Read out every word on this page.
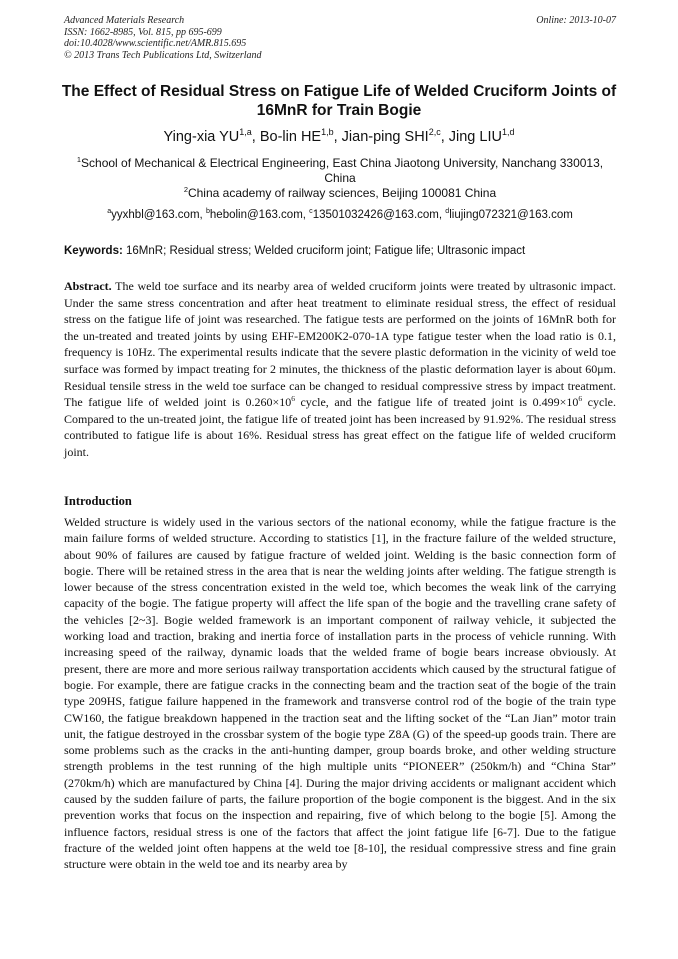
Advanced Materials Research
ISSN: 1662-8985, Vol. 815, pp 695-699
doi:10.4028/www.scientific.net/AMR.815.695
© 2013 Trans Tech Publications Ltd, Switzerland
Online: 2013-10-07
The Effect of Residual Stress on Fatigue Life of Welded Cruciform Joints of 16MnR for Train Bogie
Ying-xia YU$^{1,a}$, Bo-lin HE$^{1,b}$, Jian-ping SHI$^{2,c}$, Jing LIU$^{1,d}$
$^1$School of Mechanical & Electrical Engineering, East China Jiaotong University, Nanchang 330013, China
$^2$China academy of railway sciences, Beijing 100081 China
$^a$yyxhbl@163.com, $^b$hebolin@163.com, $^c$13501032426@163.com, $^d$liujing072321@163.com
Keywords: 16MnR; Residual stress; Welded cruciform joint; Fatigue life; Ultrasonic impact
Abstract. The weld toe surface and its nearby area of welded cruciform joints were treated by ultrasonic impact. Under the same stress concentration and after heat treatment to eliminate residual stress, the effect of residual stress on the fatigue life of joint was researched. The fatigue tests are performed on the joints of 16MnR both for the un-treated and treated joints by using EHF-EM200K2-070-1A type fatigue tester when the load ratio is 0.1, frequency is 10Hz. The experimental results indicate that the severe plastic deformation in the vicinity of weld toe surface was formed by impact treating for 2 minutes, the thickness of the plastic deformation layer is about 60μm. Residual tensile stress in the weld toe surface can be changed to residual compressive stress by impact treatment. The fatigue life of welded joint is $0.260\times 10^6$ cycle, and the fatigue life of treated joint is $0.499\times 10^6$ cycle. Compared to the un-treated joint, the fatigue life of treated joint has been increased by 91.92%. The residual stress contributed to fatigue life is about 16%. Residual stress has great effect on the fatigue life of welded cruciform joint.
Introduction
Welded structure is widely used in the various sectors of the national economy, while the fatigue fracture is the main failure forms of welded structure. According to statistics [1], in the fracture failure of the welded structure, about 90% of failures are caused by fatigue fracture of welded joint. Welding is the basic connection form of bogie. There will be retained stress in the area that is near the welding joints after welding. The fatigue strength is lower because of the stress concentration existed in the weld toe, which becomes the weak link of the carrying capacity of the bogie. The fatigue property will affect the life span of the bogie and the travelling crane safety of the vehicles [2~3]. Bogie welded framework is an important component of railway vehicle, it subjected the working load and traction, braking and inertia force of installation parts in the process of vehicle running. With increasing speed of the railway, dynamic loads that the welded frame of bogie bears increase obviously. At present, there are more and more serious railway transportation accidents which caused by the structural fatigue of bogie. For example, there are fatigue cracks in the connecting beam and the traction seat of the bogie of the train type 209HS, fatigue failure happened in the framework and transverse control rod of the bogie of the train type CW160, the fatigue breakdown happened in the traction seat and the lifting socket of the “Lan Jian” motor train unit, the fatigue destroyed in the crossbar system of the bogie type Z8A (G) of the speed-up goods train. There are some problems such as the cracks in the anti-hunting damper, group boards broke, and other welding structure strength problems in the test running of the high multiple units “PIONEER” (250km/h) and “China Star” (270km/h) which are manufactured by China [4]. During the major driving accidents or malignant accident which caused by the sudden failure of parts, the failure proportion of the bogie component is the biggest. And in the six prevention works that focus on the inspection and repairing, five of which belong to the bogie [5]. Among the influence factors, residual stress is one of the factors that affect the joint fatigue life [6-7]. Due to the fatigue fracture of the welded joint often happens at the weld toe [8-10], the residual compressive stress and fine grain structure were obtain in the weld toe and its nearby area by
